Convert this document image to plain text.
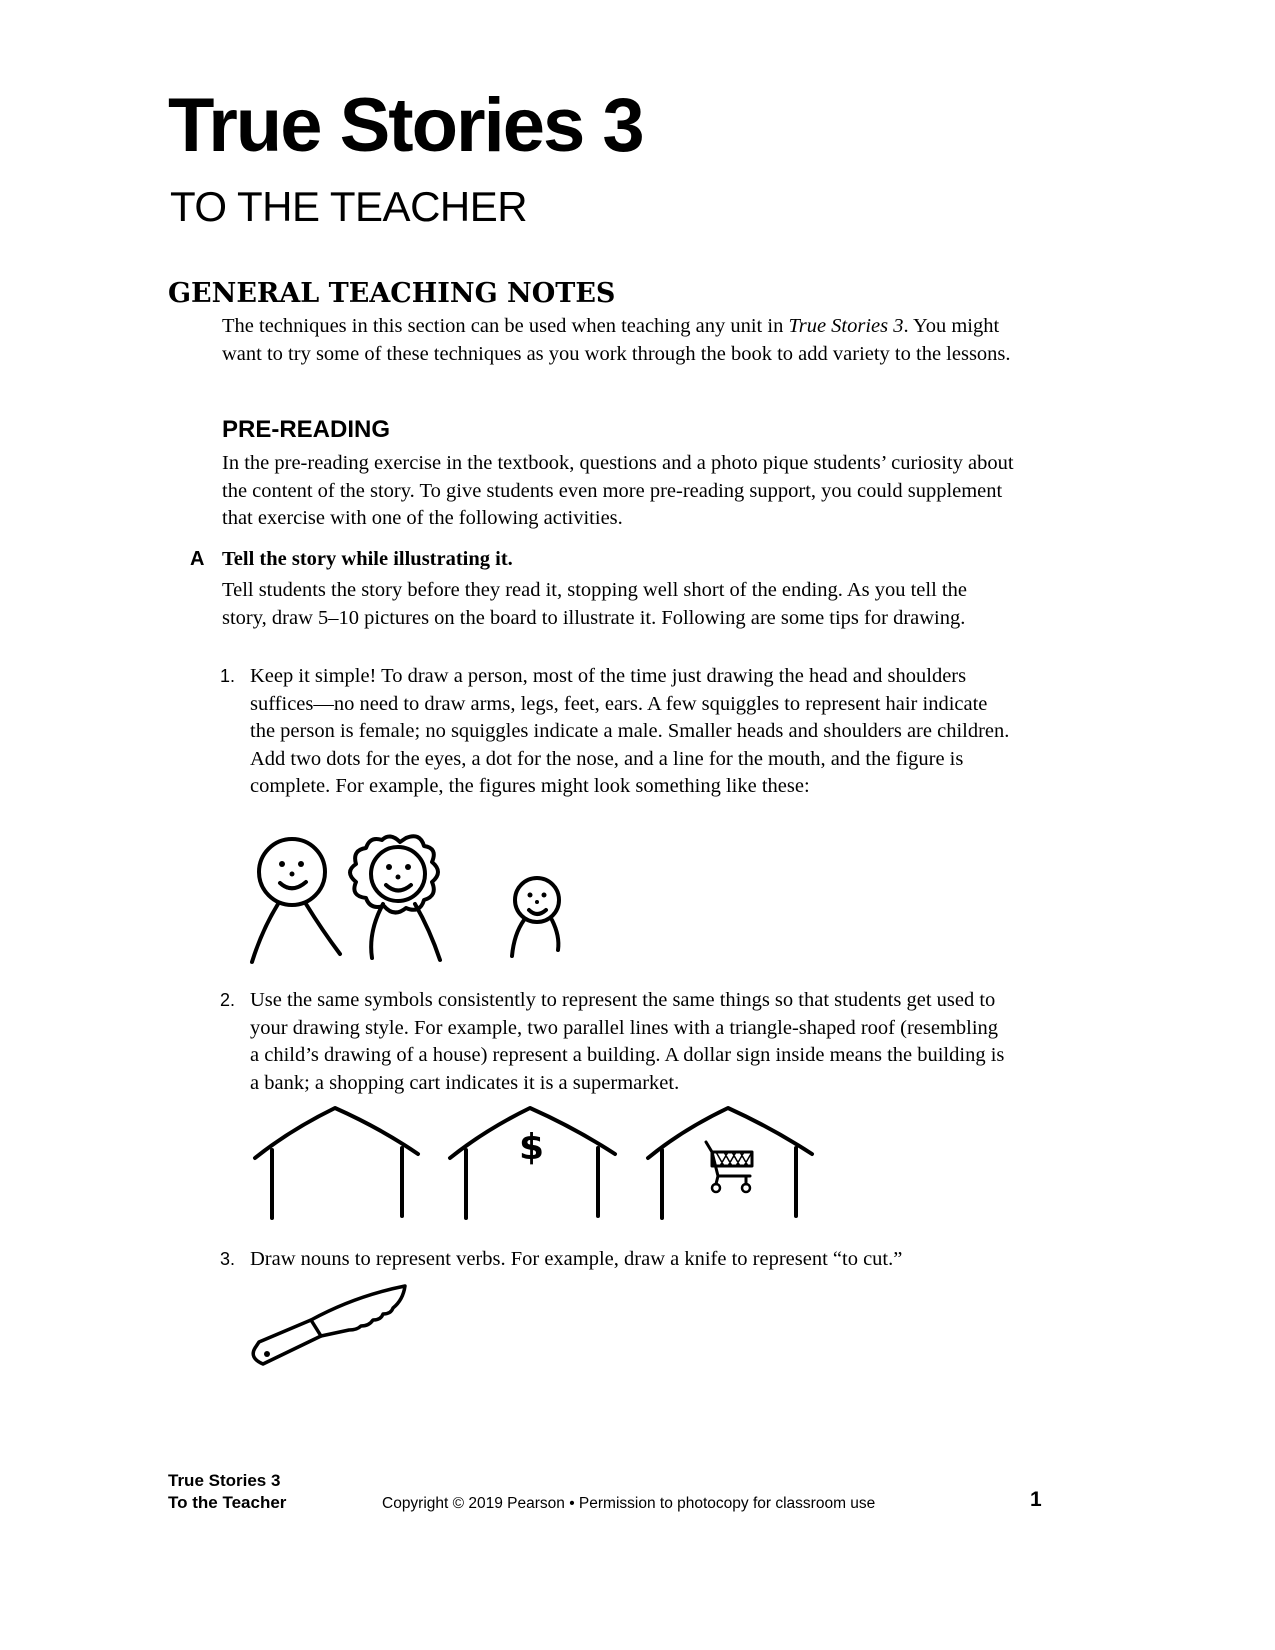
True Stories 3
TO THE TEACHER
GENERAL TEACHING NOTES
The techniques in this section can be used when teaching any unit in True Stories 3. You might want to try some of these techniques as you work through the book to add variety to the lessons.
PRE-READING
In the pre-reading exercise in the textbook, questions and a photo pique students’ curiosity about the content of the story. To give students even more pre-reading support, you could supplement that exercise with one of the following activities.
A Tell the story while illustrating it.
Tell students the story before they read it, stopping well short of the ending. As you tell the story, draw 5–10 pictures on the board to illustrate it. Following are some tips for drawing.
1. Keep it simple! To draw a person, most of the time just drawing the head and shoulders suffices—no need to draw arms, legs, feet, ears. A few squiggles to represent hair indicate the person is female; no squiggles indicate a male. Smaller heads and shoulders are children. Add two dots for the eyes, a dot for the nose, and a line for the mouth, and the figure is complete. For example, the figures might look something like these:
2. Use the same symbols consistently to represent the same things so that students get used to your drawing style. For example, two parallel lines with a triangle-shaped roof (resembling a child’s drawing of a house) represent a building. A dollar sign inside means the building is a bank; a shopping cart indicates it is a supermarket.
$
3. Draw nouns to represent verbs. For example, draw a knife to represent “to cut.”
True Stories 3
To the Teacher	Copyright © 2019 Pearson • Permission to photocopy for classroom use	1
